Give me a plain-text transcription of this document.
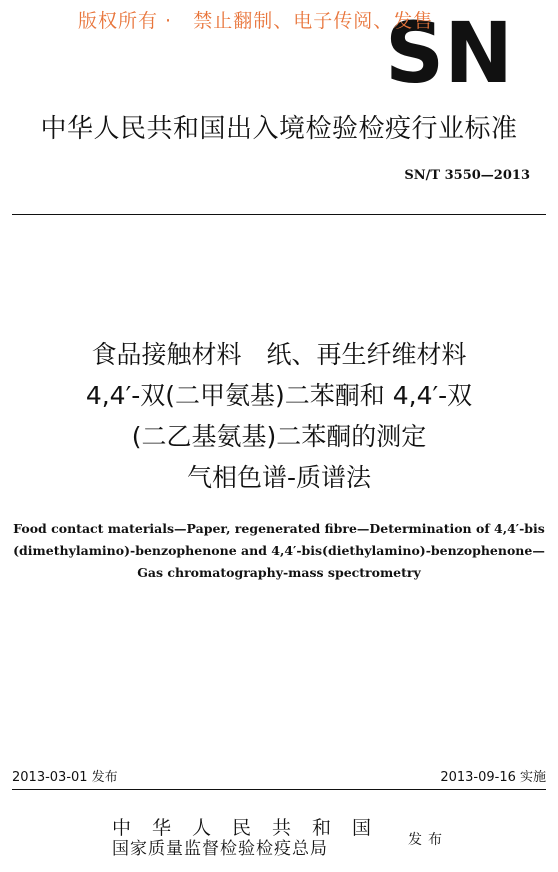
版权所有 ·   禁止翻制、电子传阅、发售
SN
中华人民共和国出入境检验检疫行业标准
SN/T 3550—2013
食品接触材料　纸、再生纤维材料
4,4′-双(二甲氨基)二苯酮和 4,4′-双
(二乙基氨基)二苯酮的测定
气相色谱-质谱法
Food contact materials—Paper, regenerated fibre—Determination of 4,4′-bis
(dimethylamino)-benzophenone and 4,4′-bis(diethylamino)-benzophenone—
Gas chromatography-mass spectrometry
2013-03-01 发布	2013-09-16 实施
中华人民共和国
国家质量监督检验检疫总局	发布
